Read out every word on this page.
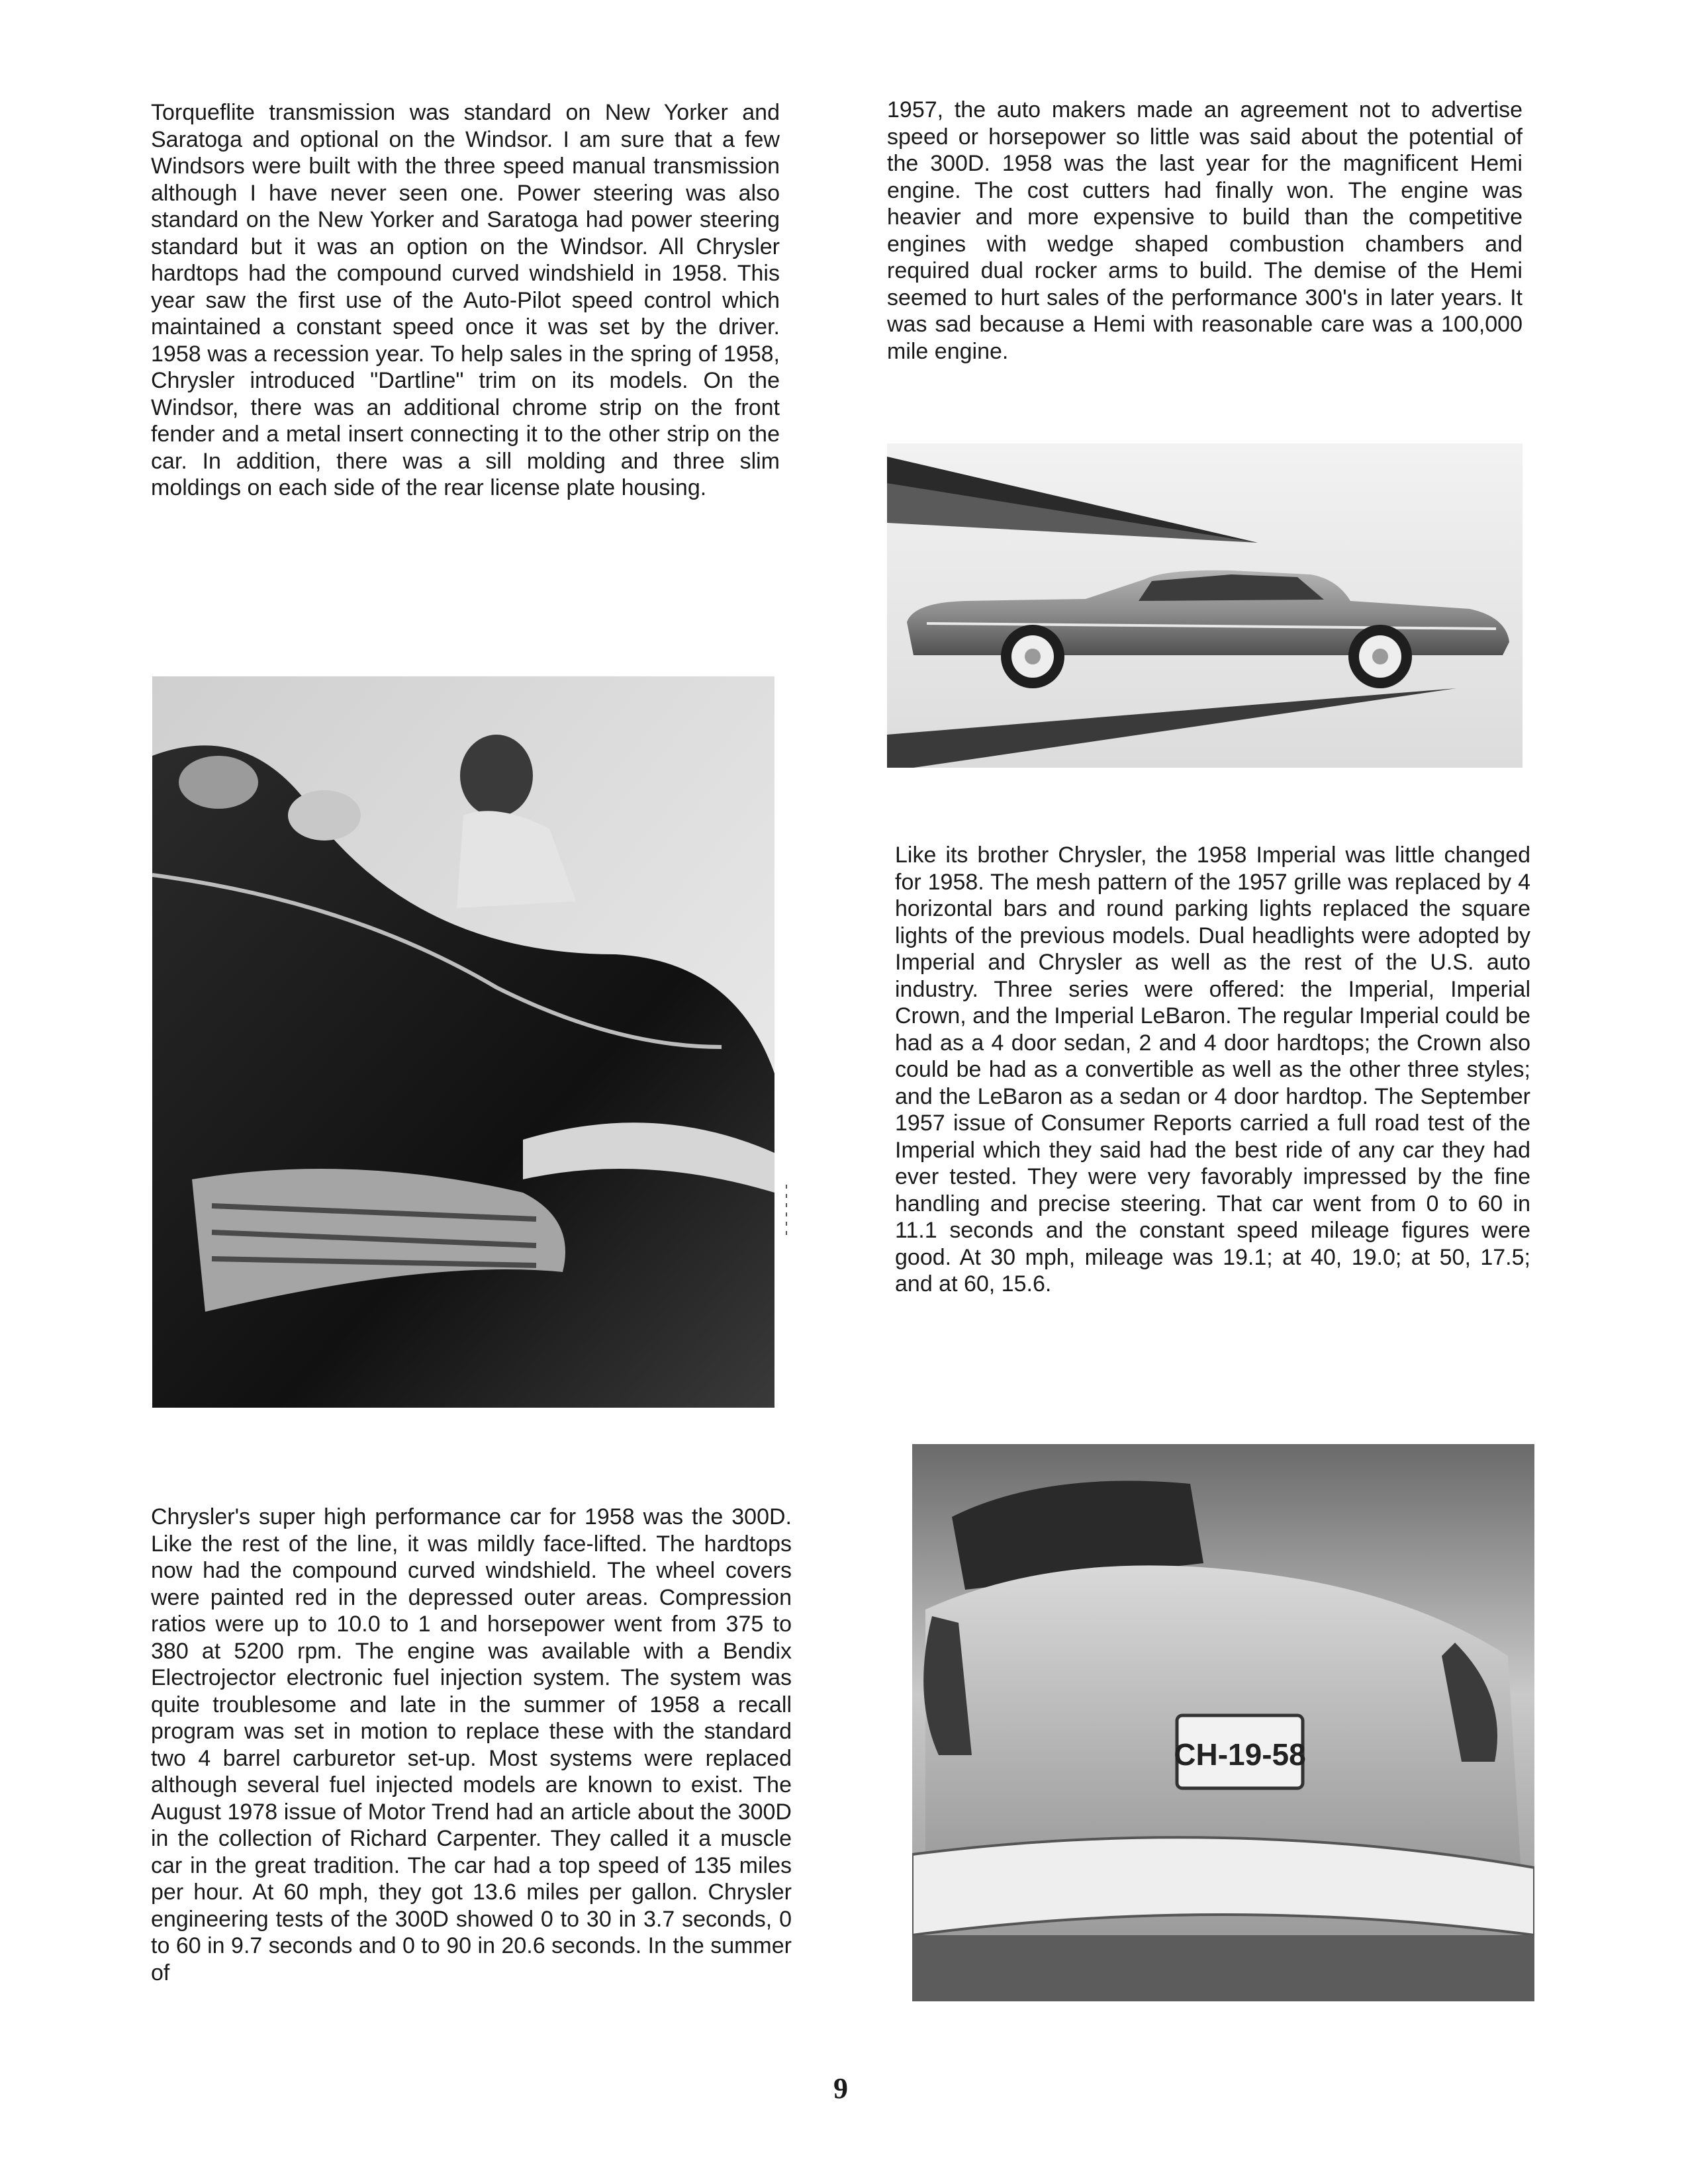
Torqueflite transmission was standard on New Yorker and Saratoga and optional on the Windsor. I am sure that a few Windsors were built with the three speed manual transmission although I have never seen one. Power steering was also standard on the New Yorker and Saratoga had power steering standard but it was an option on the Windsor. All Chrysler hardtops had the compound curved windshield in 1958. This year saw the first use of the Auto-Pilot speed control which maintained a constant speed once it was set by the driver. 1958 was a recession year. To help sales in the spring of 1958, Chrysler introduced "Dartline" trim on its models. On the Windsor, there was an additional chrome strip on the front fender and a metal insert connecting it to the other strip on the car. In addition, there was a sill molding and three slim moldings on each side of the rear license plate housing.

1957, the auto makers made an agreement not to advertise speed or horsepower so little was said about the potential of the 300D. 1958 was the last year for the magnificent Hemi engine. The cost cutters had finally won. The engine was heavier and more expensive to build than the competitive engines with wedge shaped combustion chambers and required dual rocker arms to build. The demise of the Hemi seemed to hurt sales of the performance 300's in later years. It was sad because a Hemi with reasonable care was a 100,000 mile engine.

Like its brother Chrysler, the 1958 Imperial was little changed for 1958. The mesh pattern of the 1957 grille was replaced by 4 horizontal bars and round parking lights replaced the square lights of the previous models. Dual headlights were adopted by Imperial and Chrysler as well as the rest of the U.S. auto industry. Three series were offered: the Imperial, Imperial Crown, and the Imperial LeBaron. The regular Imperial could be had as a 4 door sedan, 2 and 4 door hardtops; the Crown also could be had as a convertible as well as the other three styles; and the LeBaron as a sedan or 4 door hardtop. The September 1957 issue of Consumer Reports carried a full road test of the Imperial which they said had the best ride of any car they had ever tested. They were very favorably impressed by the fine handling and precise steering. That car went from 0 to 60 in 11.1 seconds and the constant speed mileage figures were good. At 30 mph, mileage was 19.1; at 40, 19.0; at 50, 17.5; and at 60, 15.6.

Chrysler's super high performance car for 1958 was the 300D. Like the rest of the line, it was mildly face-lifted. The hardtops now had the compound curved windshield. The wheel covers were painted red in the depressed outer areas. Compression ratios were up to 10.0 to 1 and horsepower went from 375 to 380 at 5200 rpm. The engine was available with a Bendix Electrojector electronic fuel injection system. The system was quite troublesome and late in the summer of 1958 a recall program was set in motion to replace these with the standard two 4 barrel carburetor set-up. Most systems were replaced although several fuel injected models are known to exist. The August 1978 issue of Motor Trend had an article about the 300D in the collection of Richard Carpenter. They called it a muscle car in the great tradition. The car had a top speed of 135 miles per hour. At 60 mph, they got 13.6 miles per gallon. Chrysler engineering tests of the 300D showed 0 to 30 in 3.7 seconds, 0 to 60 in 9.7 seconds and 0 to 90 in 20.6 seconds. In the summer of

CH-19-58
9
